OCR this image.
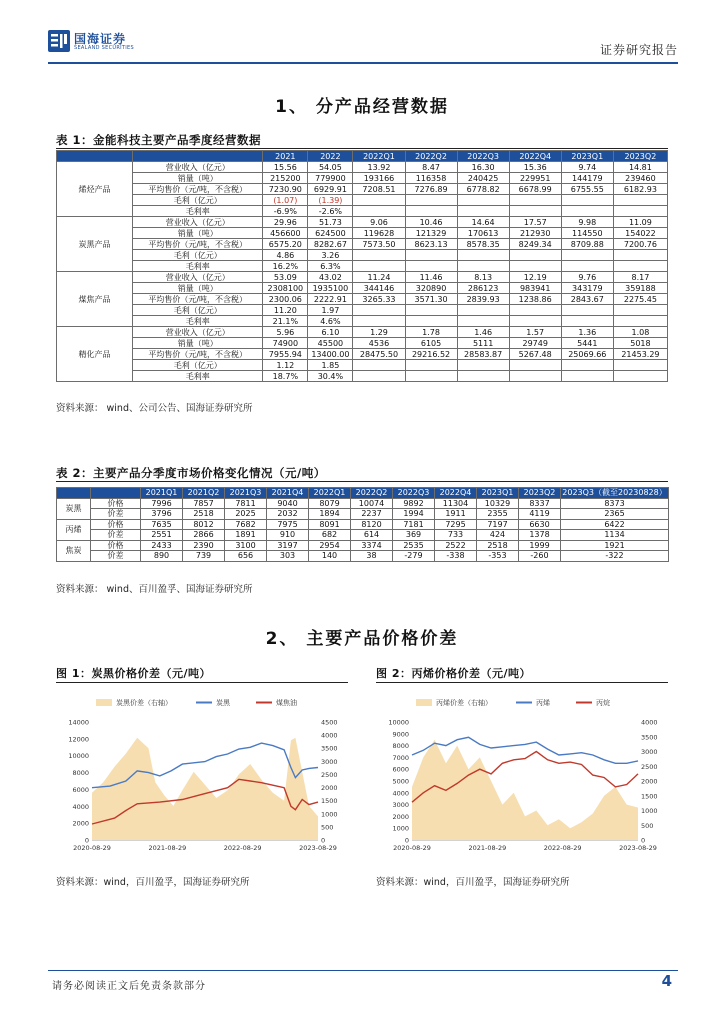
国海证券
SEALAND SECURITIES	证券研究报告
1、 分产品经营数据
表 1：金能科技主要产品季度经营数据
		2021	2022	2022Q1	2022Q2	2022Q3	2022Q4	2023Q1	2023Q2
烯烃产品	营业收入（亿元）	15.56	54.05	13.92	8.47	16.30	15.36	9.74	14.81
	销量（吨）	215200	779900	193166	116358	240425	229951	144179	239460
	平均售价（元/吨，不含税）	7230.90	6929.91	7208.51	7276.89	6778.82	6678.99	6755.55	6182.93
	毛利（亿元）	(1.07)	(1.39)						
	毛利率	-6.9%	-2.6%						
炭黑产品	营业收入（亿元）	29.96	51.73	9.06	10.46	14.64	17.57	9.98	11.09
	销量（吨）	456600	624500	119628	121329	170613	212930	114550	154022
	平均售价（元/吨，不含税）	6575.20	8282.67	7573.50	8623.13	8578.35	8249.34	8709.88	7200.76
	毛利（亿元）	4.86	3.26						
	毛利率	16.2%	6.3%						
煤焦产品	营业收入（亿元）	53.09	43.02	11.24	11.46	8.13	12.19	9.76	8.17
	销量（吨）	2308100	1935100	344146	320890	286123	983941	343179	359188
	平均售价（元/吨，不含税）	2300.06	2222.91	3265.33	3571.30	2839.93	1238.86	2843.67	2275.45
	毛利（亿元）	11.20	1.97						
	毛利率	21.1%	4.6%						
精化产品	营业收入（亿元）	5.96	6.10	1.29	1.78	1.46	1.57	1.36	1.08
	销量（吨）	74900	45500	4536	6105	5111	29749	5441	5018
	平均售价（元/吨，不含税）	7955.94	13400.00	28475.50	29216.52	28583.87	5267.48	25069.66	21453.29
	毛利（亿元）	1.12	1.85						
	毛利率	18.7%	30.4%						
资料来源： wind、公司公告、国海证券研究所
表 2：主要产品分季度市场价格变化情况（元/吨）
		2021Q1	2021Q2	2021Q3	2021Q4	2022Q1	2022Q2	2022Q3	2022Q4	2023Q1	2023Q2	2023Q3（截至20230828）
炭黑	价格	7996	7857	7811	9040	8079	10074	9892	11304	10329	8337	8373
	价差	3796	2518	2025	2032	1894	2237	1994	1911	2355	4119	2365
丙烯	价格	7635	8012	7682	7975	8091	8120	7181	7295	7197	6630	6422
	价差	2551	2866	1891	910	682	614	369	733	424	1378	1134
焦炭	价格	2433	2390	3100	3197	2954	3374	2535	2522	2518	1999	1921
	价差	890	739	656	303	140	38	-279	-338	-353	-260	-322
资料来源： wind、百川盈孚、国海证券研究所
2、 主要产品价格价差
图 1：炭黑价格价差（元/吨）
炭黑价差（右轴）	炭黑	煤焦油
0
2000
4000
6000
8000
10000
12000
14000
0
500
1000
1500
2000
2500
3000
3500
4000
4500
2020-08-29	2021-08-29	2022-08-29	2023-08-29
资料来源：wind，百川盈孚，国海证券研究所
图 2：丙烯价格价差（元/吨）
丙烯价差（右轴）	丙烯	丙烷
0
1000
2000
3000
4000
5000
6000
7000
8000
9000
10000
0
500
1000
1500
2000
2500
3000
3500
4000
2020-08-29	2021-08-29	2022-08-29	2023-08-29
资料来源：wind，百川盈孚，国海证券研究所
请务必阅读正文后免责条款部分	4
